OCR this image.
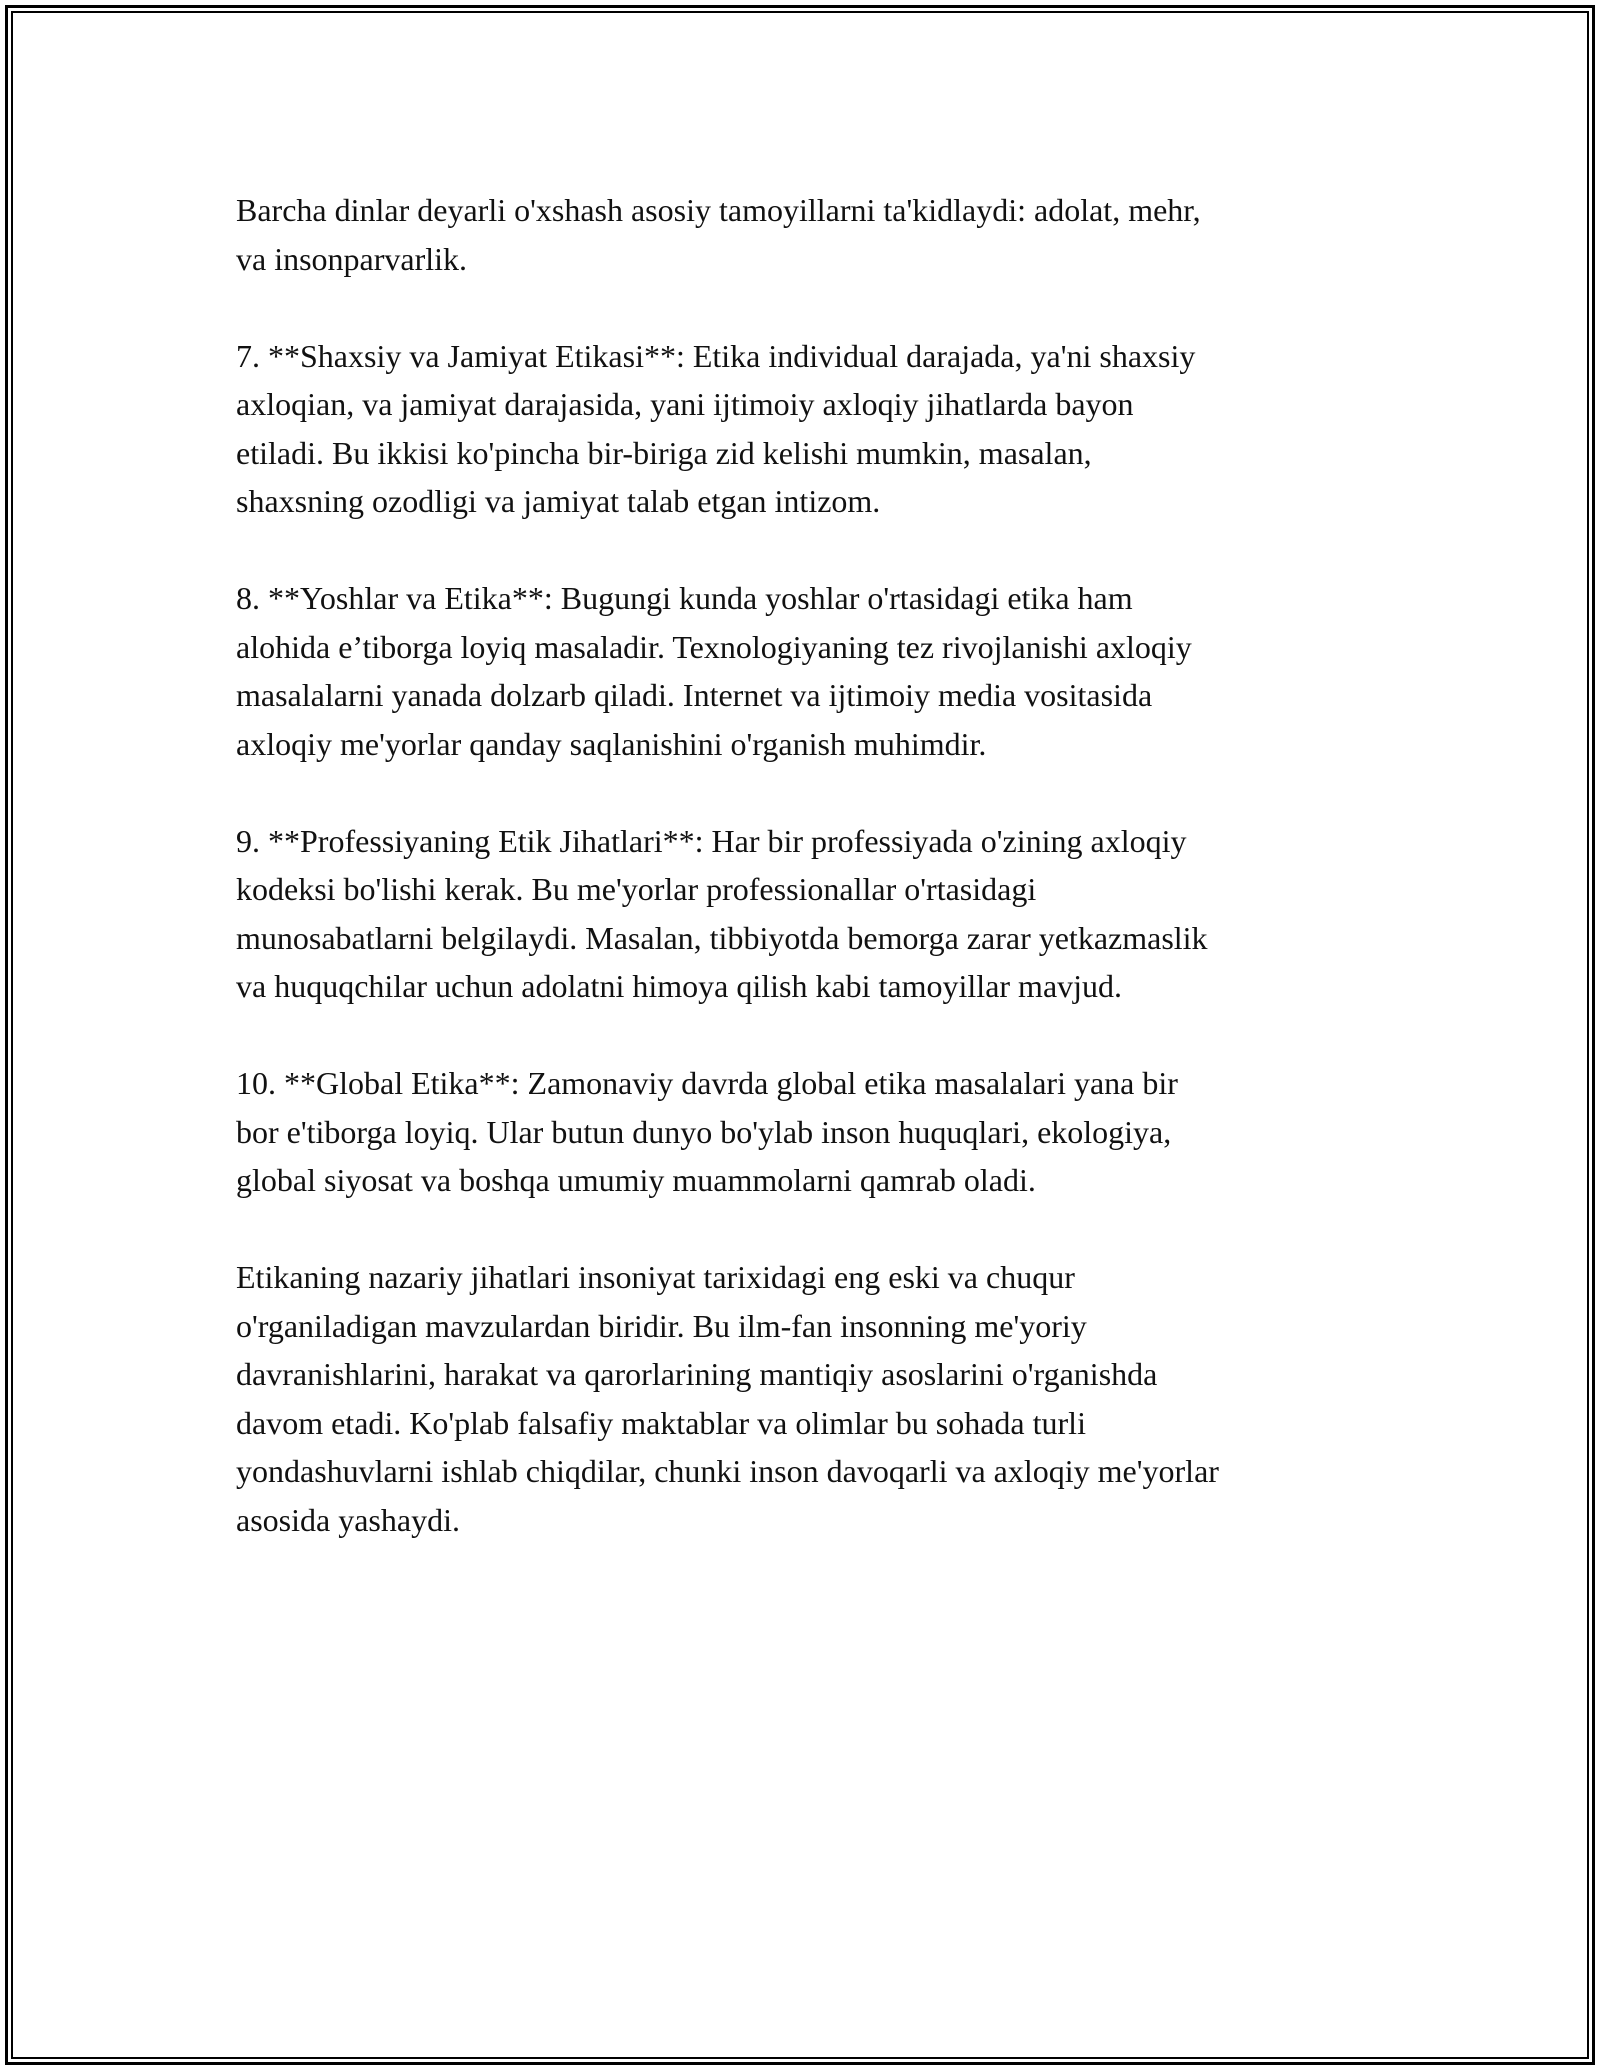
Barcha dinlar deyarli o'xshash asosiy tamoyillarni ta'kidlaydi: adolat, mehr,
va insonparvarlik.

7. **Shaxsiy va Jamiyat Etikasi**: Etika individual darajada, ya'ni shaxsiy
axloqian, va jamiyat darajasida, yani ijtimoiy axloqiy jihatlarda bayon
etiladi. Bu ikkisi ko'pincha bir-biriga zid kelishi mumkin, masalan,
shaxsning ozodligi va jamiyat talab etgan intizom.

8. **Yoshlar va Etika**: Bugungi kunda yoshlar o'rtasidagi etika ham
alohida e’tiborga loyiq masaladir. Texnologiyaning tez rivojlanishi axloqiy
masalalarni yanada dolzarb qiladi. Internet va ijtimoiy media vositasida
axloqiy me'yorlar qanday saqlanishini o'rganish muhimdir.

9. **Professiyaning Etik Jihatlari**: Har bir professiyada o'zining axloqiy
kodeksi bo'lishi kerak. Bu me'yorlar professionallar o'rtasidagi
munosabatlarni belgilaydi. Masalan, tibbiyotda bemorga zarar yetkazmaslik
va huquqchilar uchun adolatni himoya qilish kabi tamoyillar mavjud.

10. **Global Etika**: Zamonaviy davrda global etika masalalari yana bir
bor e'tiborga loyiq. Ular butun dunyo bo'ylab inson huquqlari, ekologiya,
global siyosat va boshqa umumiy muammolarni qamrab oladi.

Etikaning nazariy jihatlari insoniyat tarixidagi eng eski va chuqur
o'rganiladigan mavzulardan biridir. Bu ilm-fan insonning me'yoriy
davranishlarini, harakat va qarorlarining mantiqiy asoslarini o'rganishda
davom etadi. Ko'plab falsafiy maktablar va olimlar bu sohada turli
yondashuvlarni ishlab chiqdilar, chunki inson davoqarli va axloqiy me'yorlar
asosida yashaydi.
